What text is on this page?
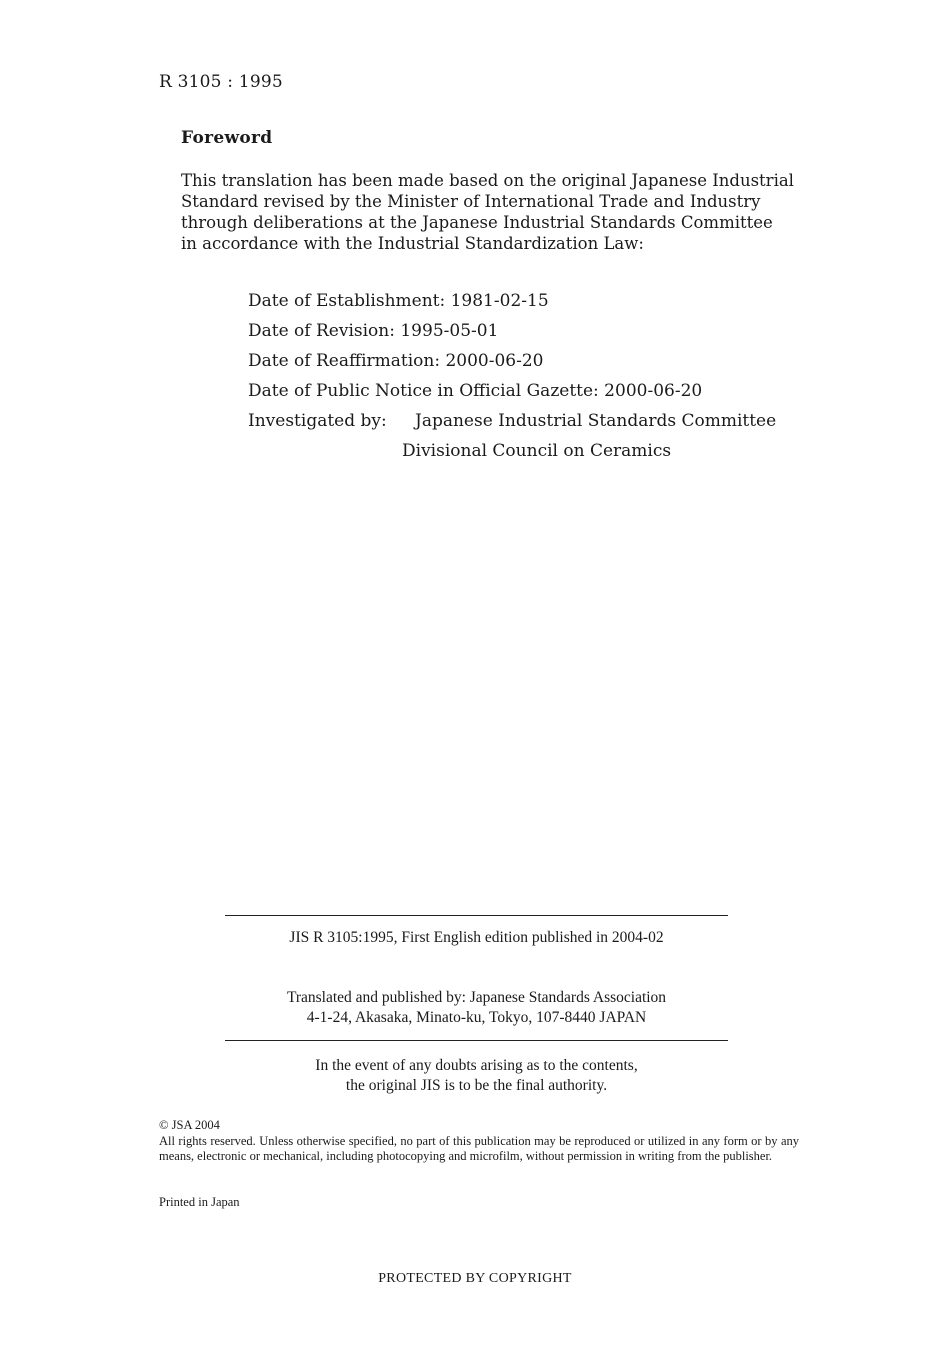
R 3105 : 1995
Foreword

This translation has been made based on the original Japanese Industrial

Standard revised by the Minister of International Trade and Industry

through deliberations at the Japanese Industrial Standards Committee

in accordance with the Industrial Standardization Law:

Date of Establishment: 1981-02-15
Date of Revision: 1995-05-01
Date of Reaffirmation: 2000-06-20
Date of Public Notice in Official Gazette: 2000-06-20
Investigated by: Japanese Industrial Standards Committee
Divisional Council on Ceramics
JIS R 3105:1995, First English edition published in 2004-02
Translated and published by: Japanese Standards Association
4-1-24, Akasaka, Minato-ku, Tokyo, 107-8440 JAPAN
In the event of any doubts arising as to the contents,
the original JIS is to be the final authority.

© JSA 2004

All rights reserved. Unless otherwise specified, no part of this publication may be reproduced or utilized in any form or by any means, electronic or mechanical, including photocopying and microfilm, without permission in writing from the publisher.

Printed in Japan
PROTECTED BY COPYRIGHT
